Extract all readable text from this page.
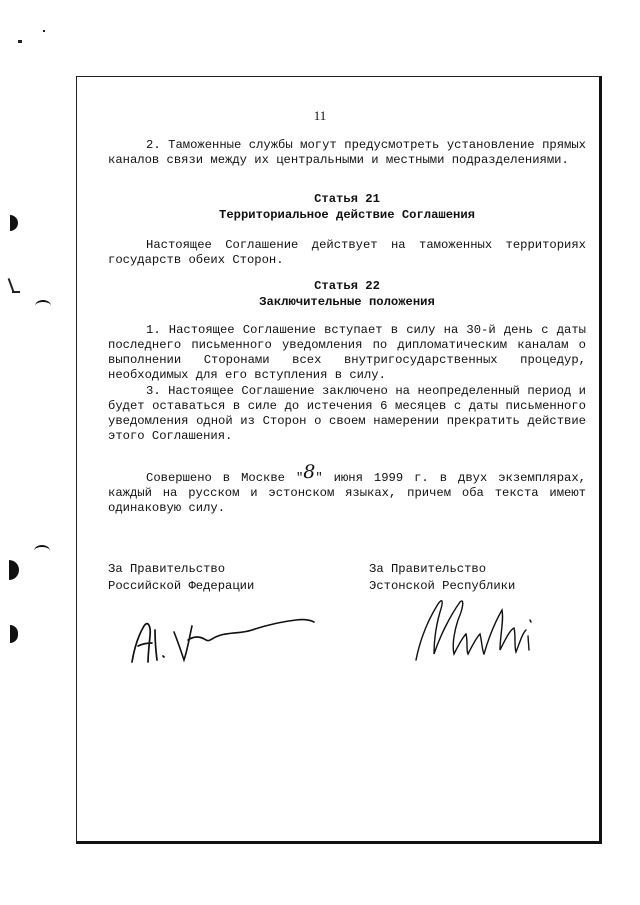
11
2. Таможенные службы могут предусмотреть установление прямых каналов связи между их центральными и местными подразделениями.
Статья 21
Территориальное действие Соглашения
Настоящее Соглашение действует на таможенных территориях государств обеих Сторон.
Статья 22
Заключительные положения
1. Настоящее Соглашение вступает в силу на 30-й день с даты последнего письменного уведомления по дипломатическим каналам о выполнении Сторонами всех внутригосударственных процедур, необходимых для его вступления в силу.
3. Настоящее Соглашение заключено на неопределенный период и будет оставаться в силе до истечения 6 месяцев с даты письменного уведомления одной из Сторон о своем намерении прекратить действие этого Соглашения.
Совершено в Москве "8" июня 1999 г. в двух экземплярах, каждый на русском и эстонском языках, причем оба текста имеют одинаковую силу.
За Правительство
Российской Федерации
За Правительство
Эстонской Республики
